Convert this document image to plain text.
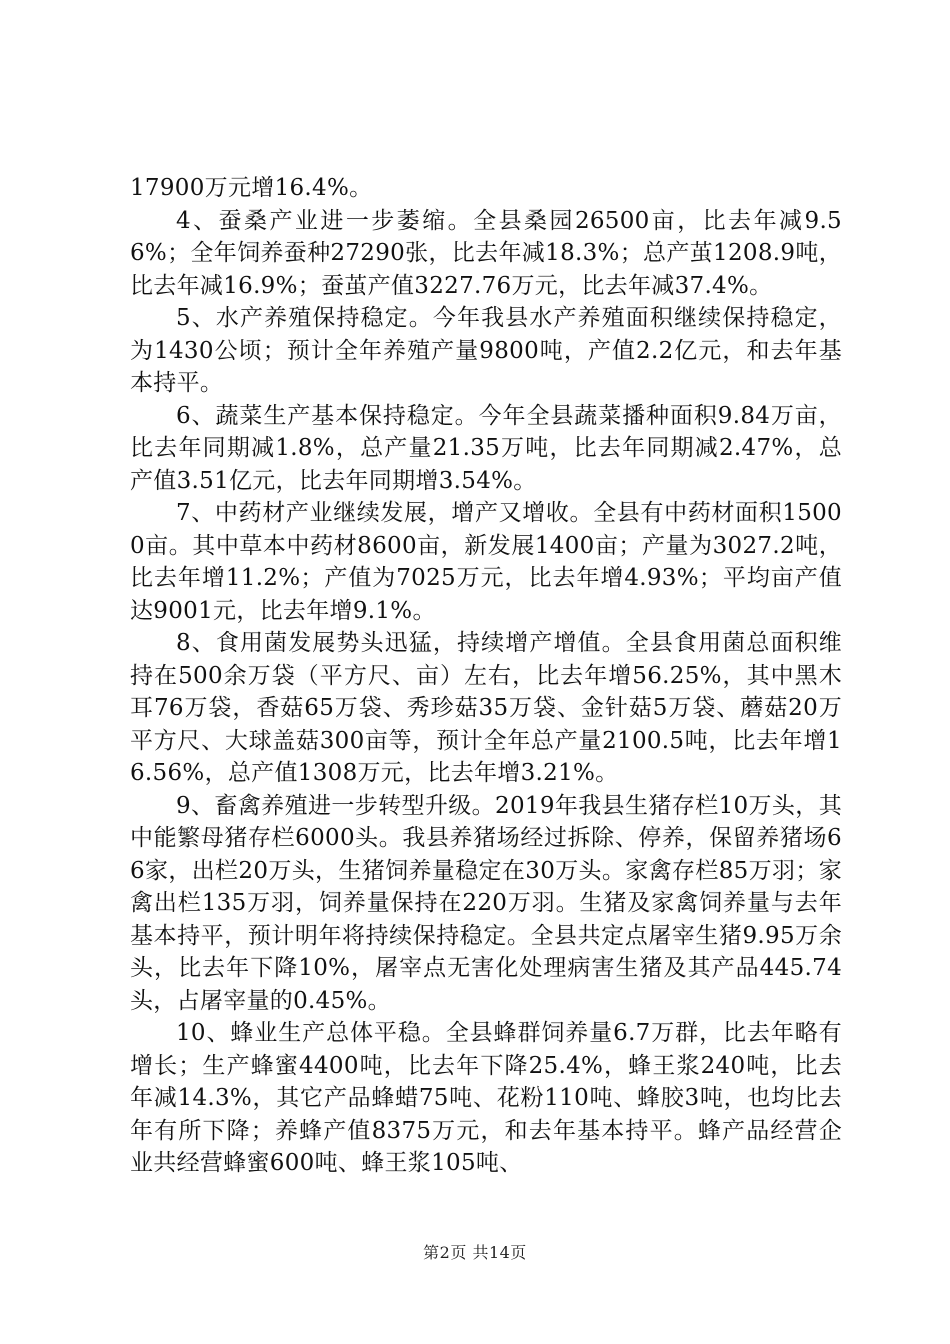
17900万元增16.4%。

4、蚕桑产业进一步萎缩。全县桑园26500亩，比去年减9.56%；全年饲养蚕种27290张，比去年减18.3%；总产茧1208.9吨，比去年减16.9%；蚕茧产值3227.76万元，比去年减37.4%。

5、水产养殖保持稳定。今年我县水产养殖面积继续保持稳定，为1430公顷；预计全年养殖产量9800吨，产值2.2亿元，和去年基本持平。

6、蔬菜生产基本保持稳定。今年全县蔬菜播种面积9.84万亩，比去年同期减1.8%，总产量21.35万吨，比去年同期减2.47%，总产值3.51亿元，比去年同期增3.54%。

7、中药材产业继续发展，增产又增收。全县有中药材面积15000亩。其中草本中药材8600亩，新发展1400亩；产量为3027.2吨，比去年增11.2%；产值为7025万元，比去年增4.93%；平均亩产值达9001元，比去年增9.1%。

8、食用菌发展势头迅猛，持续增产增值。全县食用菌总面积维持在500余万袋（平方尺、亩）左右，比去年增56.25%，其中黑木耳76万袋，香菇65万袋、秀珍菇35万袋、金针菇5万袋、蘑菇20万平方尺、大球盖菇300亩等，预计全年总产量2100.5吨，比去年增16.56%，总产值1308万元，比去年增3.21%。

9、畜禽养殖进一步转型升级。2019年我县生猪存栏10万头，其中能繁母猪存栏6000头。我县养猪场经过拆除、停养，保留养猪场66家，出栏20万头，生猪饲养量稳定在30万头。家禽存栏85万羽；家禽出栏135万羽，饲养量保持在220万羽。生猪及家禽饲养量与去年基本持平，预计明年将持续保持稳定。全县共定点屠宰生猪9.95万余头，比去年下降10%，屠宰点无害化处理病害生猪及其产品445.74头，占屠宰量的0.45%。

10、蜂业生产总体平稳。全县蜂群饲养量6.7万群，比去年略有增长；生产蜂蜜4400吨，比去年下降25.4%，蜂王浆240吨，比去年减14.3%，其它产品蜂蜡75吨、花粉110吨、蜂胶3吨，也均比去年有所下降；养蜂产值8375万元，和去年基本持平。蜂产品经营企业共经营蜂蜜600吨、蜂王浆105吨、

第2页 共14页
